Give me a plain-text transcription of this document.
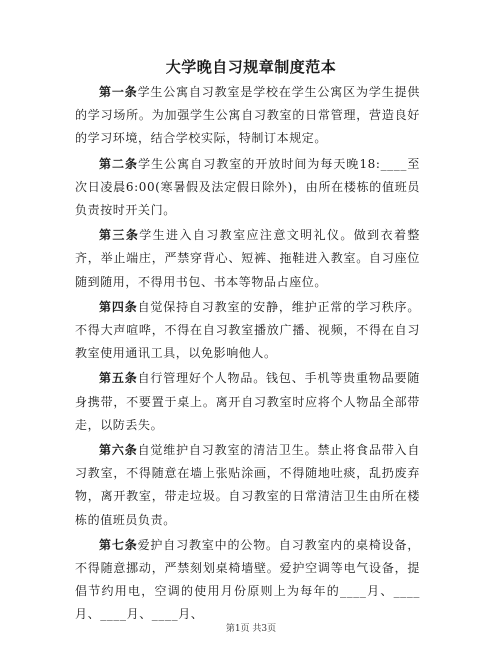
大学晚自习规章制度范本

第一条学生公寓自习教室是学校在学生公寓区为学生提供的学习场所。为加强学生公寓自习教室的日常管理，营造良好的学习环境，结合学校实际，特制订本规定。

第二条学生公寓自习教室的开放时间为每天晚18:____至次日凌晨6:00(寒暑假及法定假日除外)，由所在楼栋的值班员负责按时开关门。

第三条学生进入自习教室应注意文明礼仪。做到衣着整齐，举止端庄，严禁穿背心、短裤、拖鞋进入教室。自习座位随到随用，不得用书包、书本等物品占座位。

第四条自觉保持自习教室的安静，维护正常的学习秩序。不得大声喧哗，不得在自习教室播放广播、视频，不得在自习教室使用通讯工具，以免影响他人。

第五条自行管理好个人物品。钱包、手机等贵重物品要随身携带，不要置于桌上。离开自习教室时应将个人物品全部带走，以防丢失。

第六条自觉维护自习教室的清洁卫生。禁止将食品带入自习教室，不得随意在墙上张贴涂画，不得随地吐痰，乱扔废弃物，离开教室，带走垃圾。自习教室的日常清洁卫生由所在楼栋的值班员负责。

第七条爱护自习教室中的公物。自习教室内的桌椅设备，不得随意挪动，严禁刻划桌椅墙壁。爱护空调等电气设备，提倡节约用电，空调的使用月份原则上为每年的____月、____月、____月、____月、

第1页 共3页
